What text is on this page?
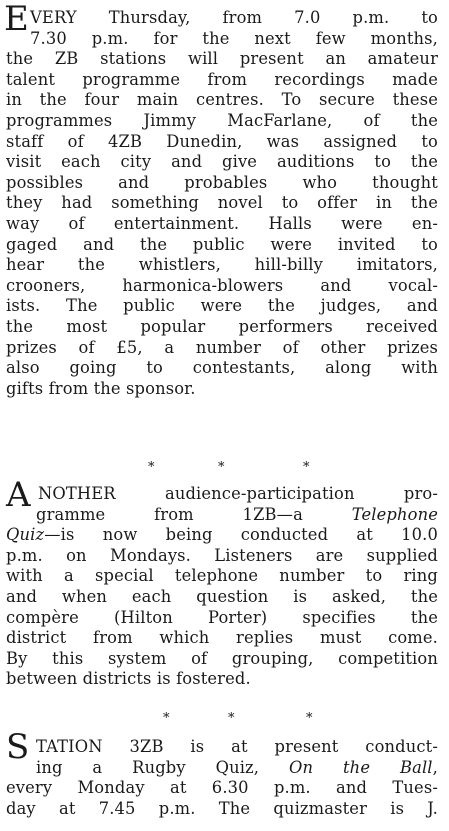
E VERY Thursday, from 7.0 p.m. to
7.30 p.m. for the next few months,
the ZB stations will present an amateur
talent programme from recordings made
in the four main centres. To secure these
programmes Jimmy MacFarlane, of the
staff of 4ZB Dunedin, was assigned to
visit each city and give auditions to the
possibles and probables who thought
they had something novel to offer in the
way of entertainment. Halls were en-
gaged and the public were invited to
hear the whistlers, hill-billy imitators,
crooners, harmonica-blowers and vocal-
ists. The public were the judges, and
the most popular performers received
prizes of £5, a number of other prizes
also going to contestants, along with
gifts from the sponsor.
*	*	*
A NOTHER audience-participation pro-
gramme from 1ZB—a Telephone
Quiz—is now being conducted at 10.0
p.m. on Mondays. Listeners are supplied
with a special telephone number to ring
and when each question is asked, the
compère (Hilton Porter) specifies the
district from which replies must come.
By this system of grouping, competition
between districts is fostered.
*	*	*
S TATION 3ZB is at present conduct-
ing a Rugby Quiz, On the Ball,
every Monday at 6.30 p.m. and Tues-
day at 7.45 p.m. The quizmaster is J.
